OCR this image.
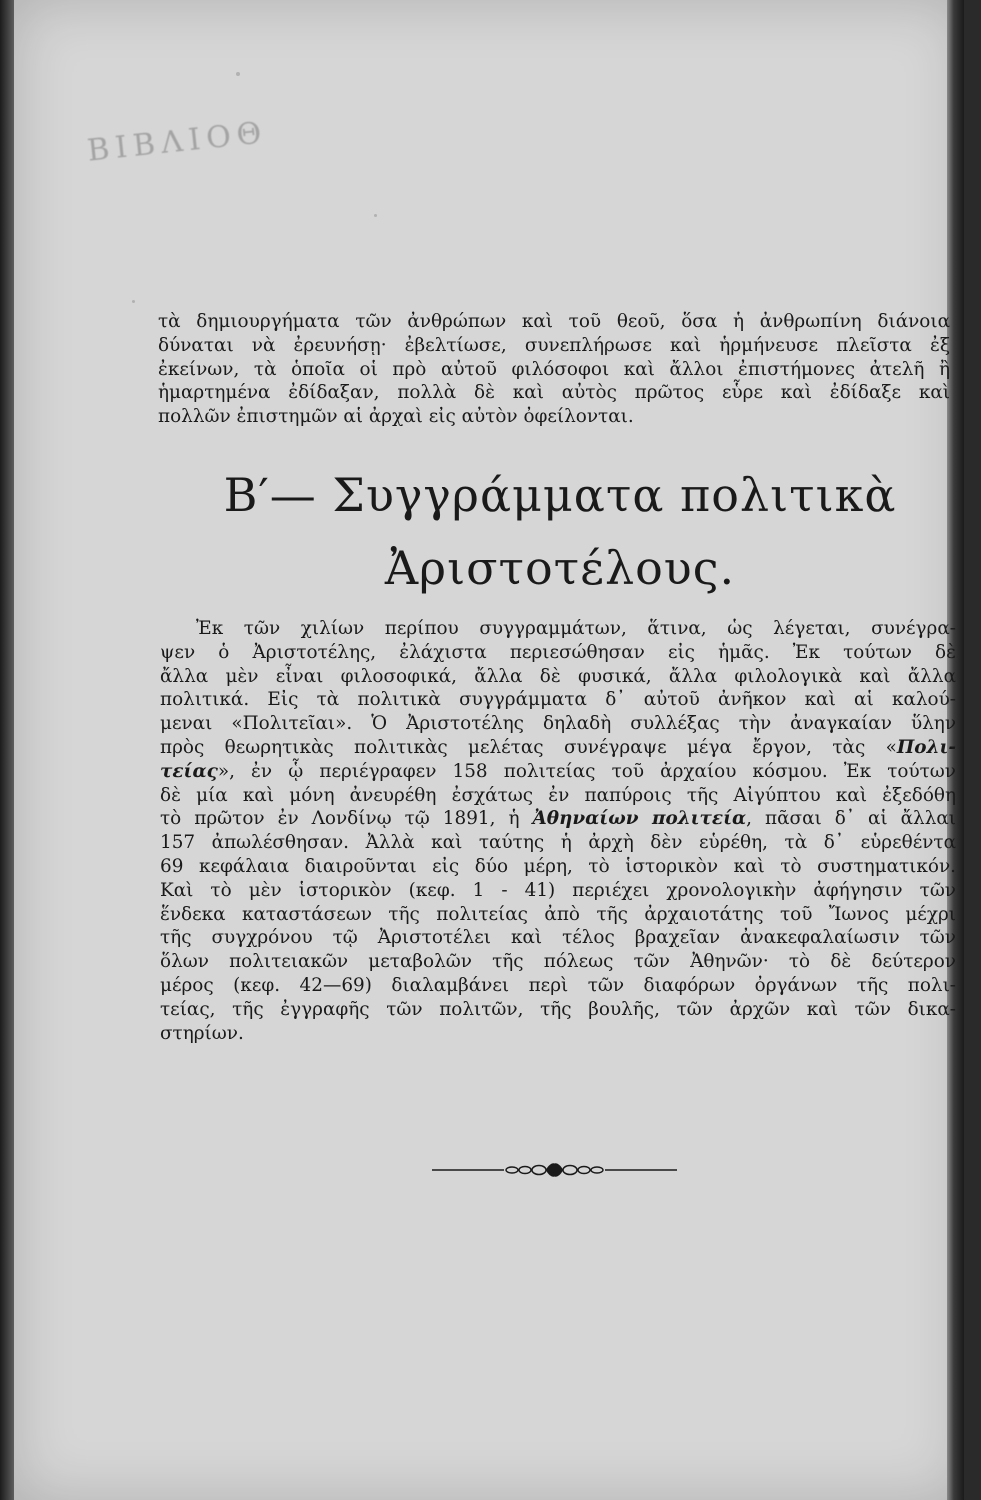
ΒΙΒΛΙΟΘ
τὰ δημιουργήματα τῶν ἀνθρώπων καὶ τοῦ θεοῦ, ὅσα ἡ ἀνθρωπίνη διάνοια
δύναται νὰ ἐρευνήσῃ· ἐβελτίωσε, συνεπλήρωσε καὶ ἡρμήνευσε πλεῖστα ἐξ
ἐκείνων, τὰ ὁποῖα οἱ πρὸ αὐτοῦ φιλόσοφοι καὶ ἄλλοι ἐπιστήμονες ἀτελῆ ἢ
ἡμαρτημένα ἐδίδαξαν, πολλὰ δὲ καὶ αὐτὸς πρῶτος εὗρε καὶ ἐδίδαξε καὶ
πολλῶν ἐπιστημῶν αἱ ἀρχαὶ εἰς αὐτὸν ὀφείλονται.
Β′— Συγγράμματα πολιτικὰ
Ἀριστοτέλους.
Ἐκ τῶν χιλίων περίπου συγγραμμάτων, ἅτινα, ὡς λέγεται, συνέγρα-
ψεν ὁ Ἀριστοτέλης, ἐλάχιστα περιεσώθησαν εἰς ἡμᾶς. Ἐκ τούτων δὲ
ἄλλα μὲν εἶναι φιλοσοφικά, ἄλλα δὲ φυσικά, ἄλλα φιλολογικὰ καὶ ἄλλα
πολιτικά. Εἰς τὰ πολιτικὰ συγγράμματα δ᾽ αὐτοῦ ἀνῆκον καὶ αἱ καλού-
μεναι «Πολιτεῖαι». Ὁ Ἀριστοτέλης δηλαδὴ συλλέξας τὴν ἀναγκαίαν ὕλην
πρὸς θεωρητικὰς πολιτικὰς μελέτας συνέγραψε μέγα ἔργον, τὰς «Πολι-
τείας», ἐν ᾧ περιέγραφεν 158 πολιτείας τοῦ ἀρχαίου κόσμου. Ἐκ τούτων
δὲ μία καὶ μόνη ἀνευρέθη ἐσχάτως ἐν παπύροις τῆς Αἰγύπτου καὶ ἐξεδόθη
τὸ πρῶτον ἐν Λονδίνῳ τῷ 1891, ἡ Ἀθηναίων πολιτεία, πᾶσαι δ᾽ αἱ ἄλλαι
157 ἀπωλέσθησαν. Ἀλλὰ καὶ ταύτης ἡ ἀρχὴ δὲν εὑρέθη, τὰ δ᾽ εὑρεθέντα
69 κεφάλαια διαιροῦνται εἰς δύο μέρη, τὸ ἱστορικὸν καὶ τὸ συστηματικόν.
Καὶ τὸ μὲν ἱστορικὸν (κεφ. 1 - 41) περιέχει χρονολογικὴν ἀφήγησιν τῶν
ἕνδεκα καταστάσεων τῆς πολιτείας ἀπὸ τῆς ἀρχαιοτάτης τοῦ Ἴωνος μέχρι
τῆς συγχρόνου τῷ Ἀριστοτέλει καὶ τέλος βραχεῖαν ἀνακεφαλαίωσιν τῶν
ὅλων πολιτειακῶν μεταβολῶν τῆς πόλεως τῶν Ἀθηνῶν· τὸ δὲ δεύτερον
μέρος (κεφ. 42—69) διαλαμβάνει περὶ τῶν διαφόρων ὀργάνων τῆς πολι-
τείας, τῆς ἐγγραφῆς τῶν πολιτῶν, τῆς βουλῆς, τῶν ἀρχῶν καὶ τῶν δικα-
στηρίων.
